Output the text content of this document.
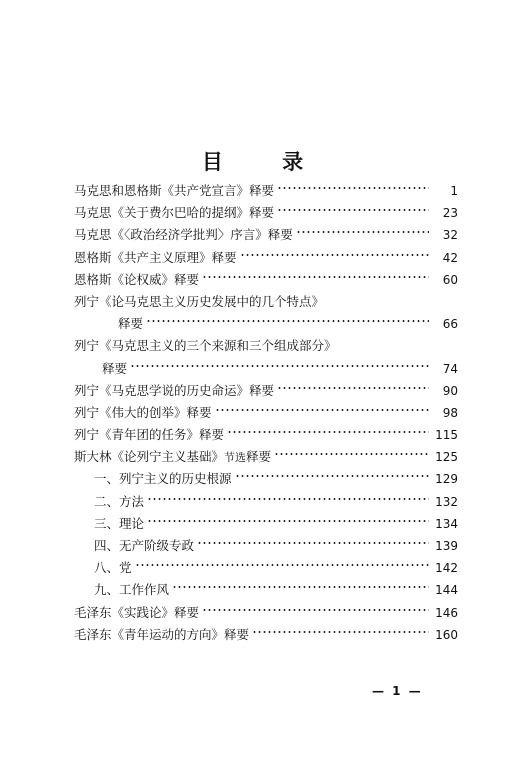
目 录
马克思和恩格斯《共产党宣言》释要	1
马克思《关于费尔巴哈的提纲》释要	23
马克思《〈政治经济学批判〉序言》释要	32
恩格斯《共产主义原理》释要	42
恩格斯《论权威》释要	60
列宁《论马克思主义历史发展中的几个特点》
释要	66
列宁《马克思主义的三个来源和三个组成部分》
释要	74
列宁《马克思学说的历史命运》释要	90
列宁《伟大的创举》释要	98
列宁《青年团的任务》释要	115
斯大林《论列宁主义基础》节选释要	125
一、列宁主义的历史根源	129
二、方法	132
三、理论	134
四、无产阶级专政	139
八、党	142
九、工作作风	144
毛泽东《实践论》释要	146
毛泽东《青年运动的方向》释要	160
— 1 —
